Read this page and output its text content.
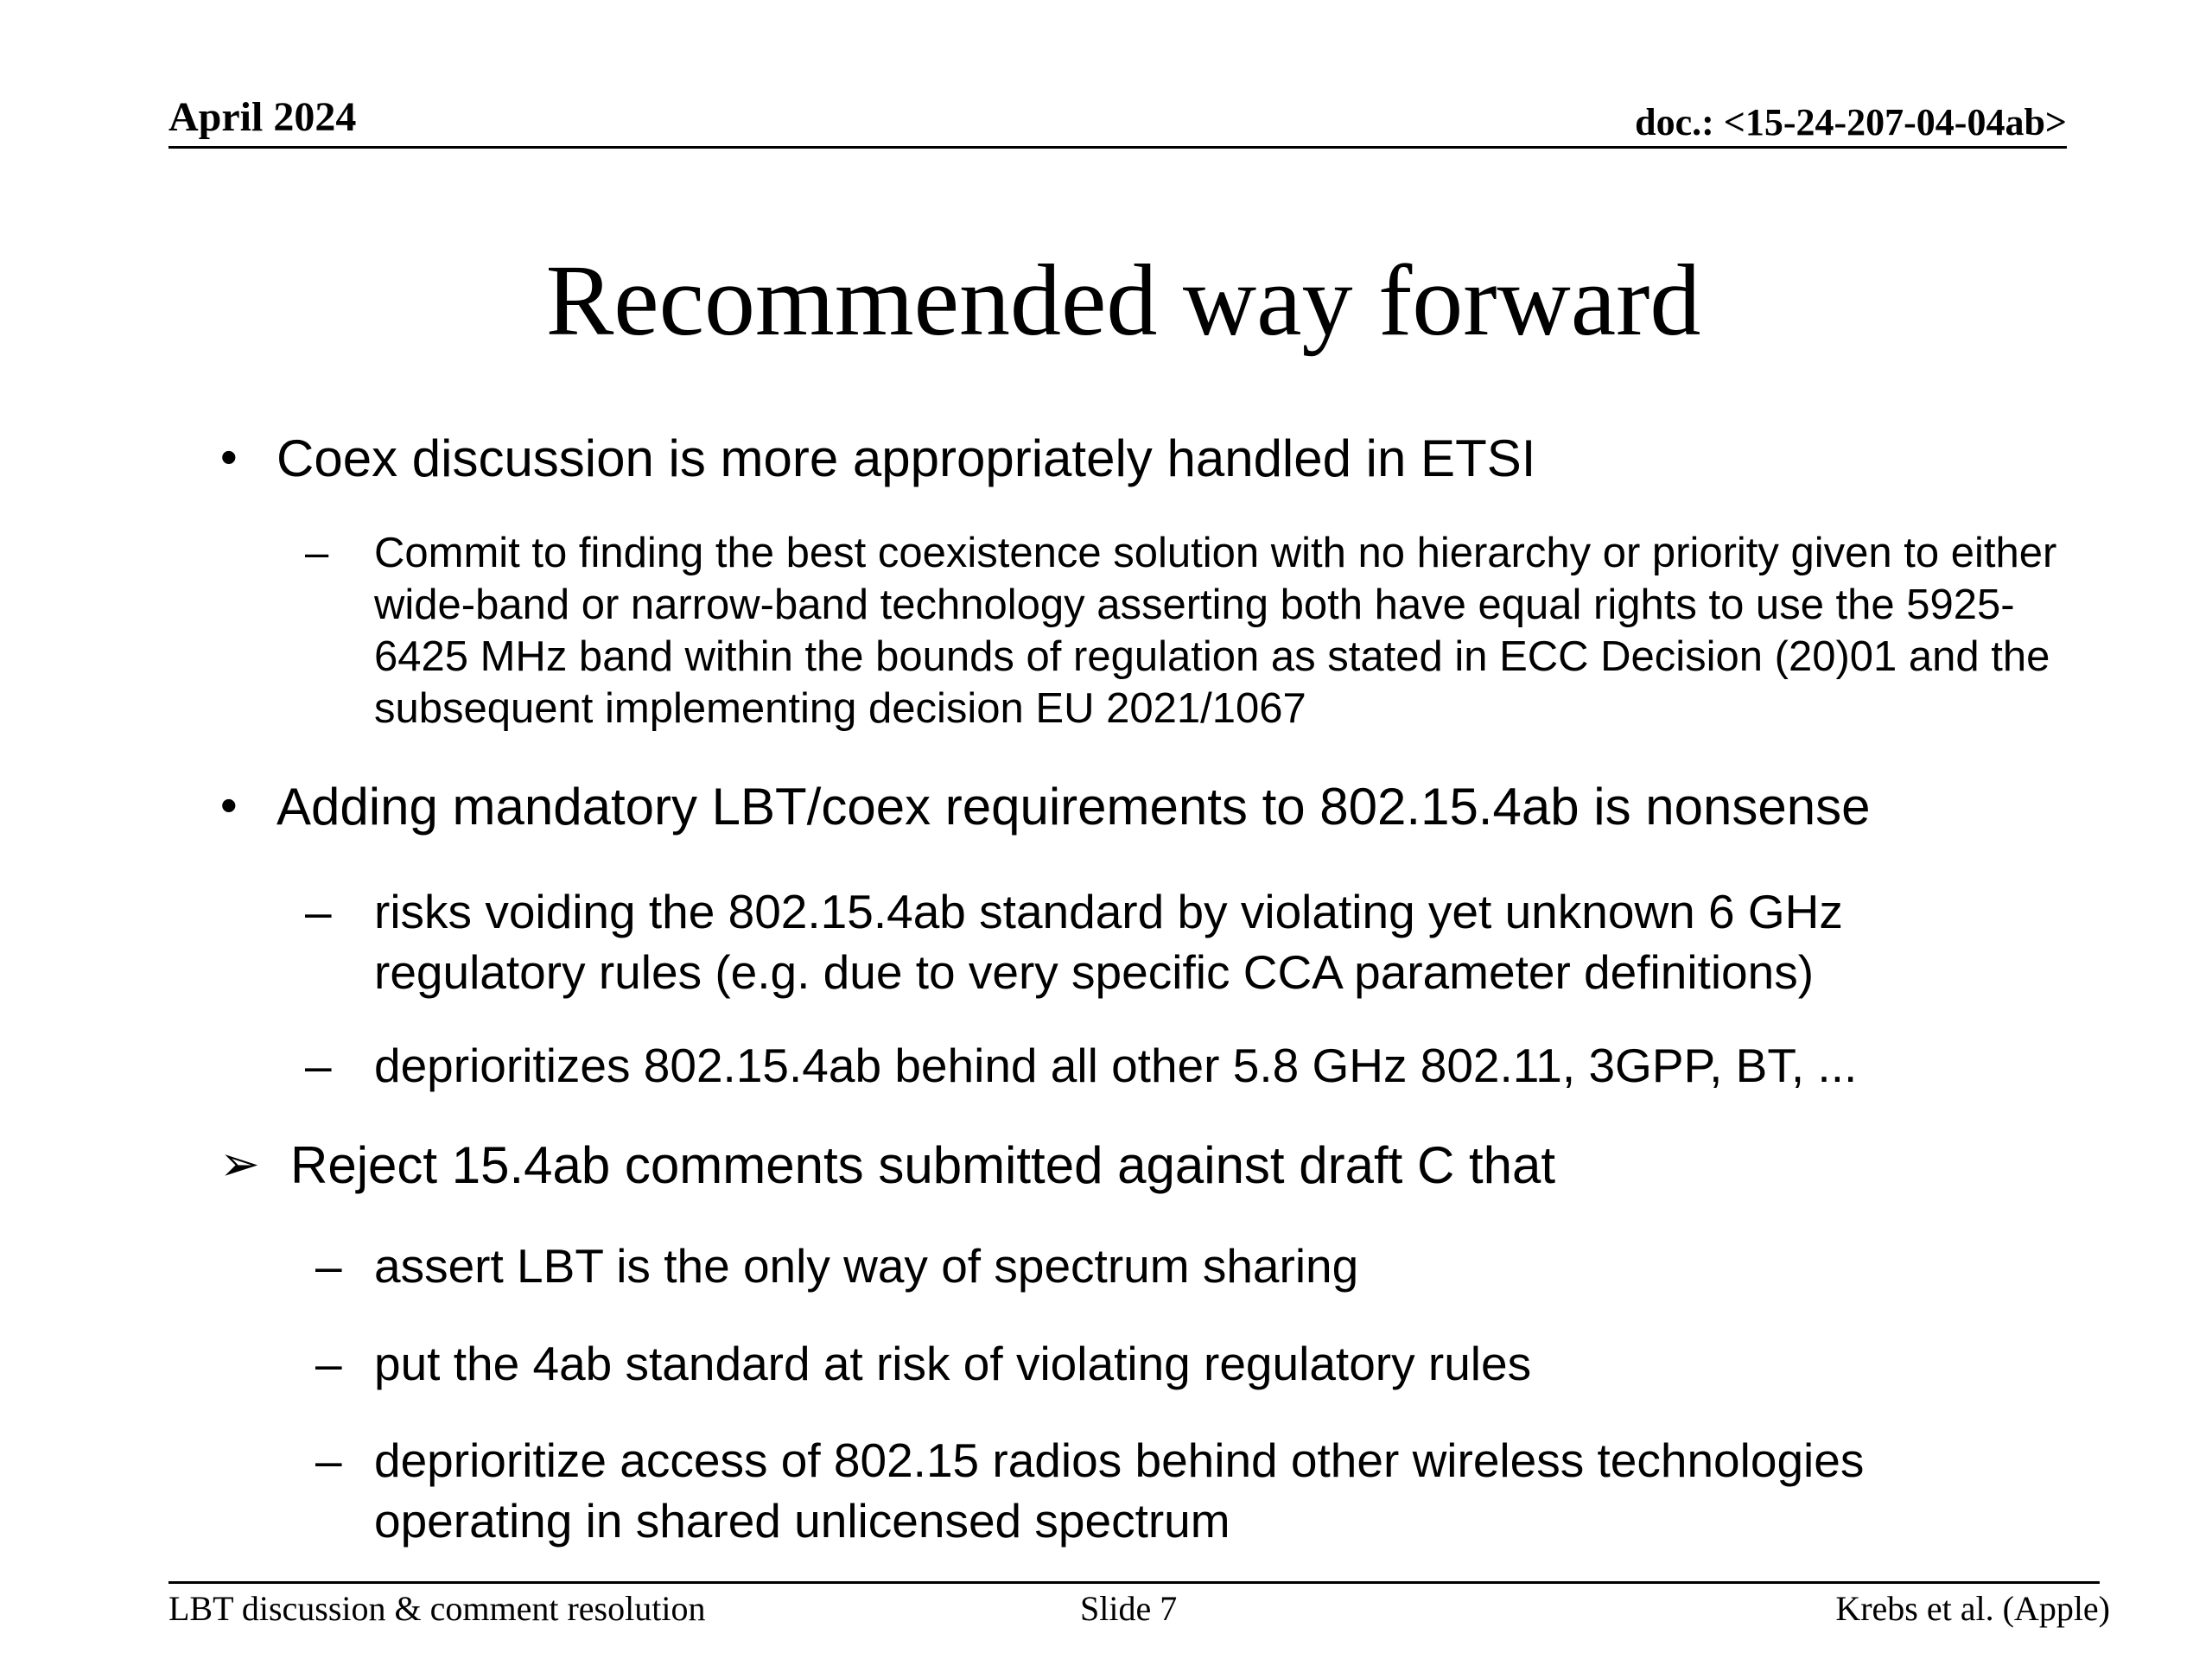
April 2024	doc.: <15-24-207-04-04ab>
Recommended way forward
• Coex discussion is more appropriately handled in ETSI
– Commit to finding the best coexistence solution with no hierarchy or priority given to either wide-band or narrow-band technology asserting both have equal rights to use the 5925-6425 MHz band within the bounds of regulation as stated in ECC Decision (20)01 and the subsequent implementing decision EU 2021/1067
• Adding mandatory LBT/coex requirements to 802.15.4ab is nonsense
– risks voiding the 802.15.4ab standard by violating yet unknown 6 GHz regulatory rules (e.g. due to very specific CCA parameter definitions)
– deprioritizes 802.15.4ab behind all other 5.8 GHz 802.11, 3GPP, BT, ...
➢ Reject 15.4ab comments submitted against draft C that
– assert LBT is the only way of spectrum sharing
– put the 4ab standard at risk of violating regulatory rules
– deprioritize access of 802.15 radios behind other wireless technologies operating in shared unlicensed spectrum
LBT discussion & comment resolution	Slide 7	Krebs et al. (Apple)
